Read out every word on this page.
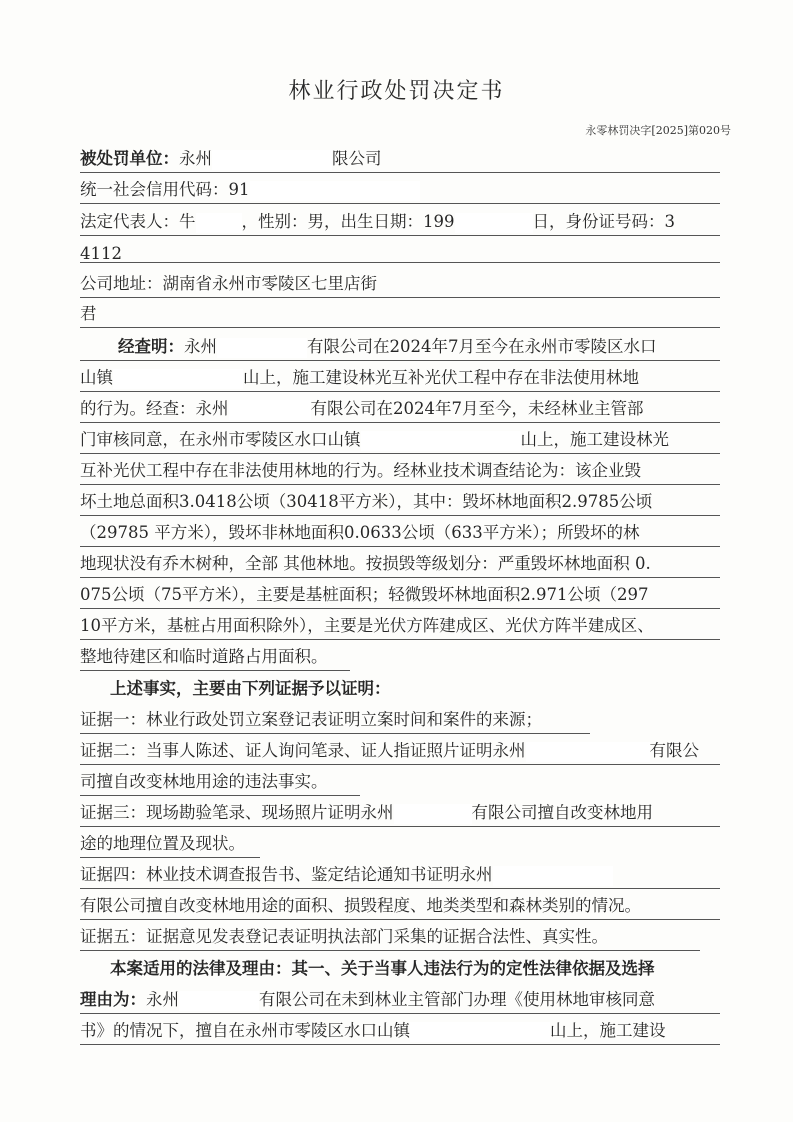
林业行政处罚决定书
永零林罚决字[2025]第020号
被处罚单位：永州	限公司
统一社会信用代码：91
法定代表人：牛	，性别：男，出生日期：199	日，身份证号码：3
4112
公司地址：湖南省永州市零陵区七里店街
君
经查明：永州	有限公司在2024年7月至今在永州市零陵区水口
山镇	山上，施工建设林光互补光伏工程中存在非法使用林地
的行为。经查：永州	有限公司在2024年7月至今，未经林业主管部
门审核同意，在永州市零陵区水口山镇	山上，施工建设林光
互补光伏工程中存在非法使用林地的行为。经林业技术调查结论为：该企业毁
坏土地总面积3.0418公顷（30418平方米），其中：毁坏林地面积2.9785公顷
（29785 平方米），毁坏非林地面积0.0633公顷（633平方米）；所毁坏的林
地现状没有乔木树种，全部 其他林地。按损毁等级划分：严重毁坏林地面积 0.
075公顷（75平方米），主要是基桩面积；轻微毁坏林地面积2.971公顷（297
10平方米，基桩占用面积除外），主要是光伏方阵建成区、光伏方阵半建成区、
整地待建区和临时道路占用面积。
上述事实，主要由下列证据予以证明：
证据一：林业行政处罚立案登记表证明立案时间和案件的来源；
证据二：当事人陈述、证人询问笔录、证人指证照片证明永州	有限公
司擅自改变林地用途的违法事实。
证据三：现场勘验笔录、现场照片证明永州	有限公司擅自改变林地用
途的地理位置及现状。
证据四：林业技术调查报告书、鉴定结论通知书证明永州
有限公司擅自改变林地用途的面积、损毁程度、地类类型和森林类别的情况。
证据五：证据意见发表登记表证明执法部门采集的证据合法性、真实性。
本案适用的法律及理由：其一、关于当事人违法行为的定性法律依据及选择
理由为：永州	有限公司在未到林业主管部门办理《使用林地审核同意
书》的情况下，擅自在永州市零陵区水口山镇	山上，施工建设
